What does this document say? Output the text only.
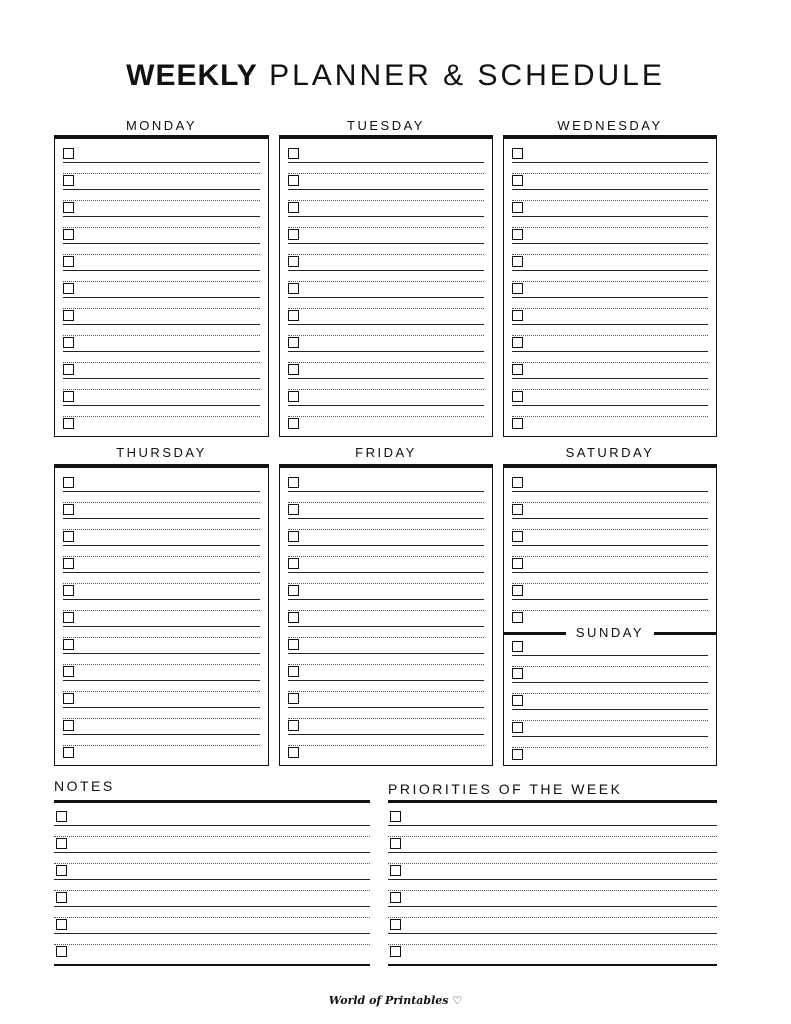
WEEKLY PLANNER & SCHEDULE
MONDAY	TUESDAY	WEDNESDAY
THURSDAY	FRIDAY	SATURDAY
SUNDAY
NOTES	PRIORITIES OF THE WEEK
World of Printables ♡
